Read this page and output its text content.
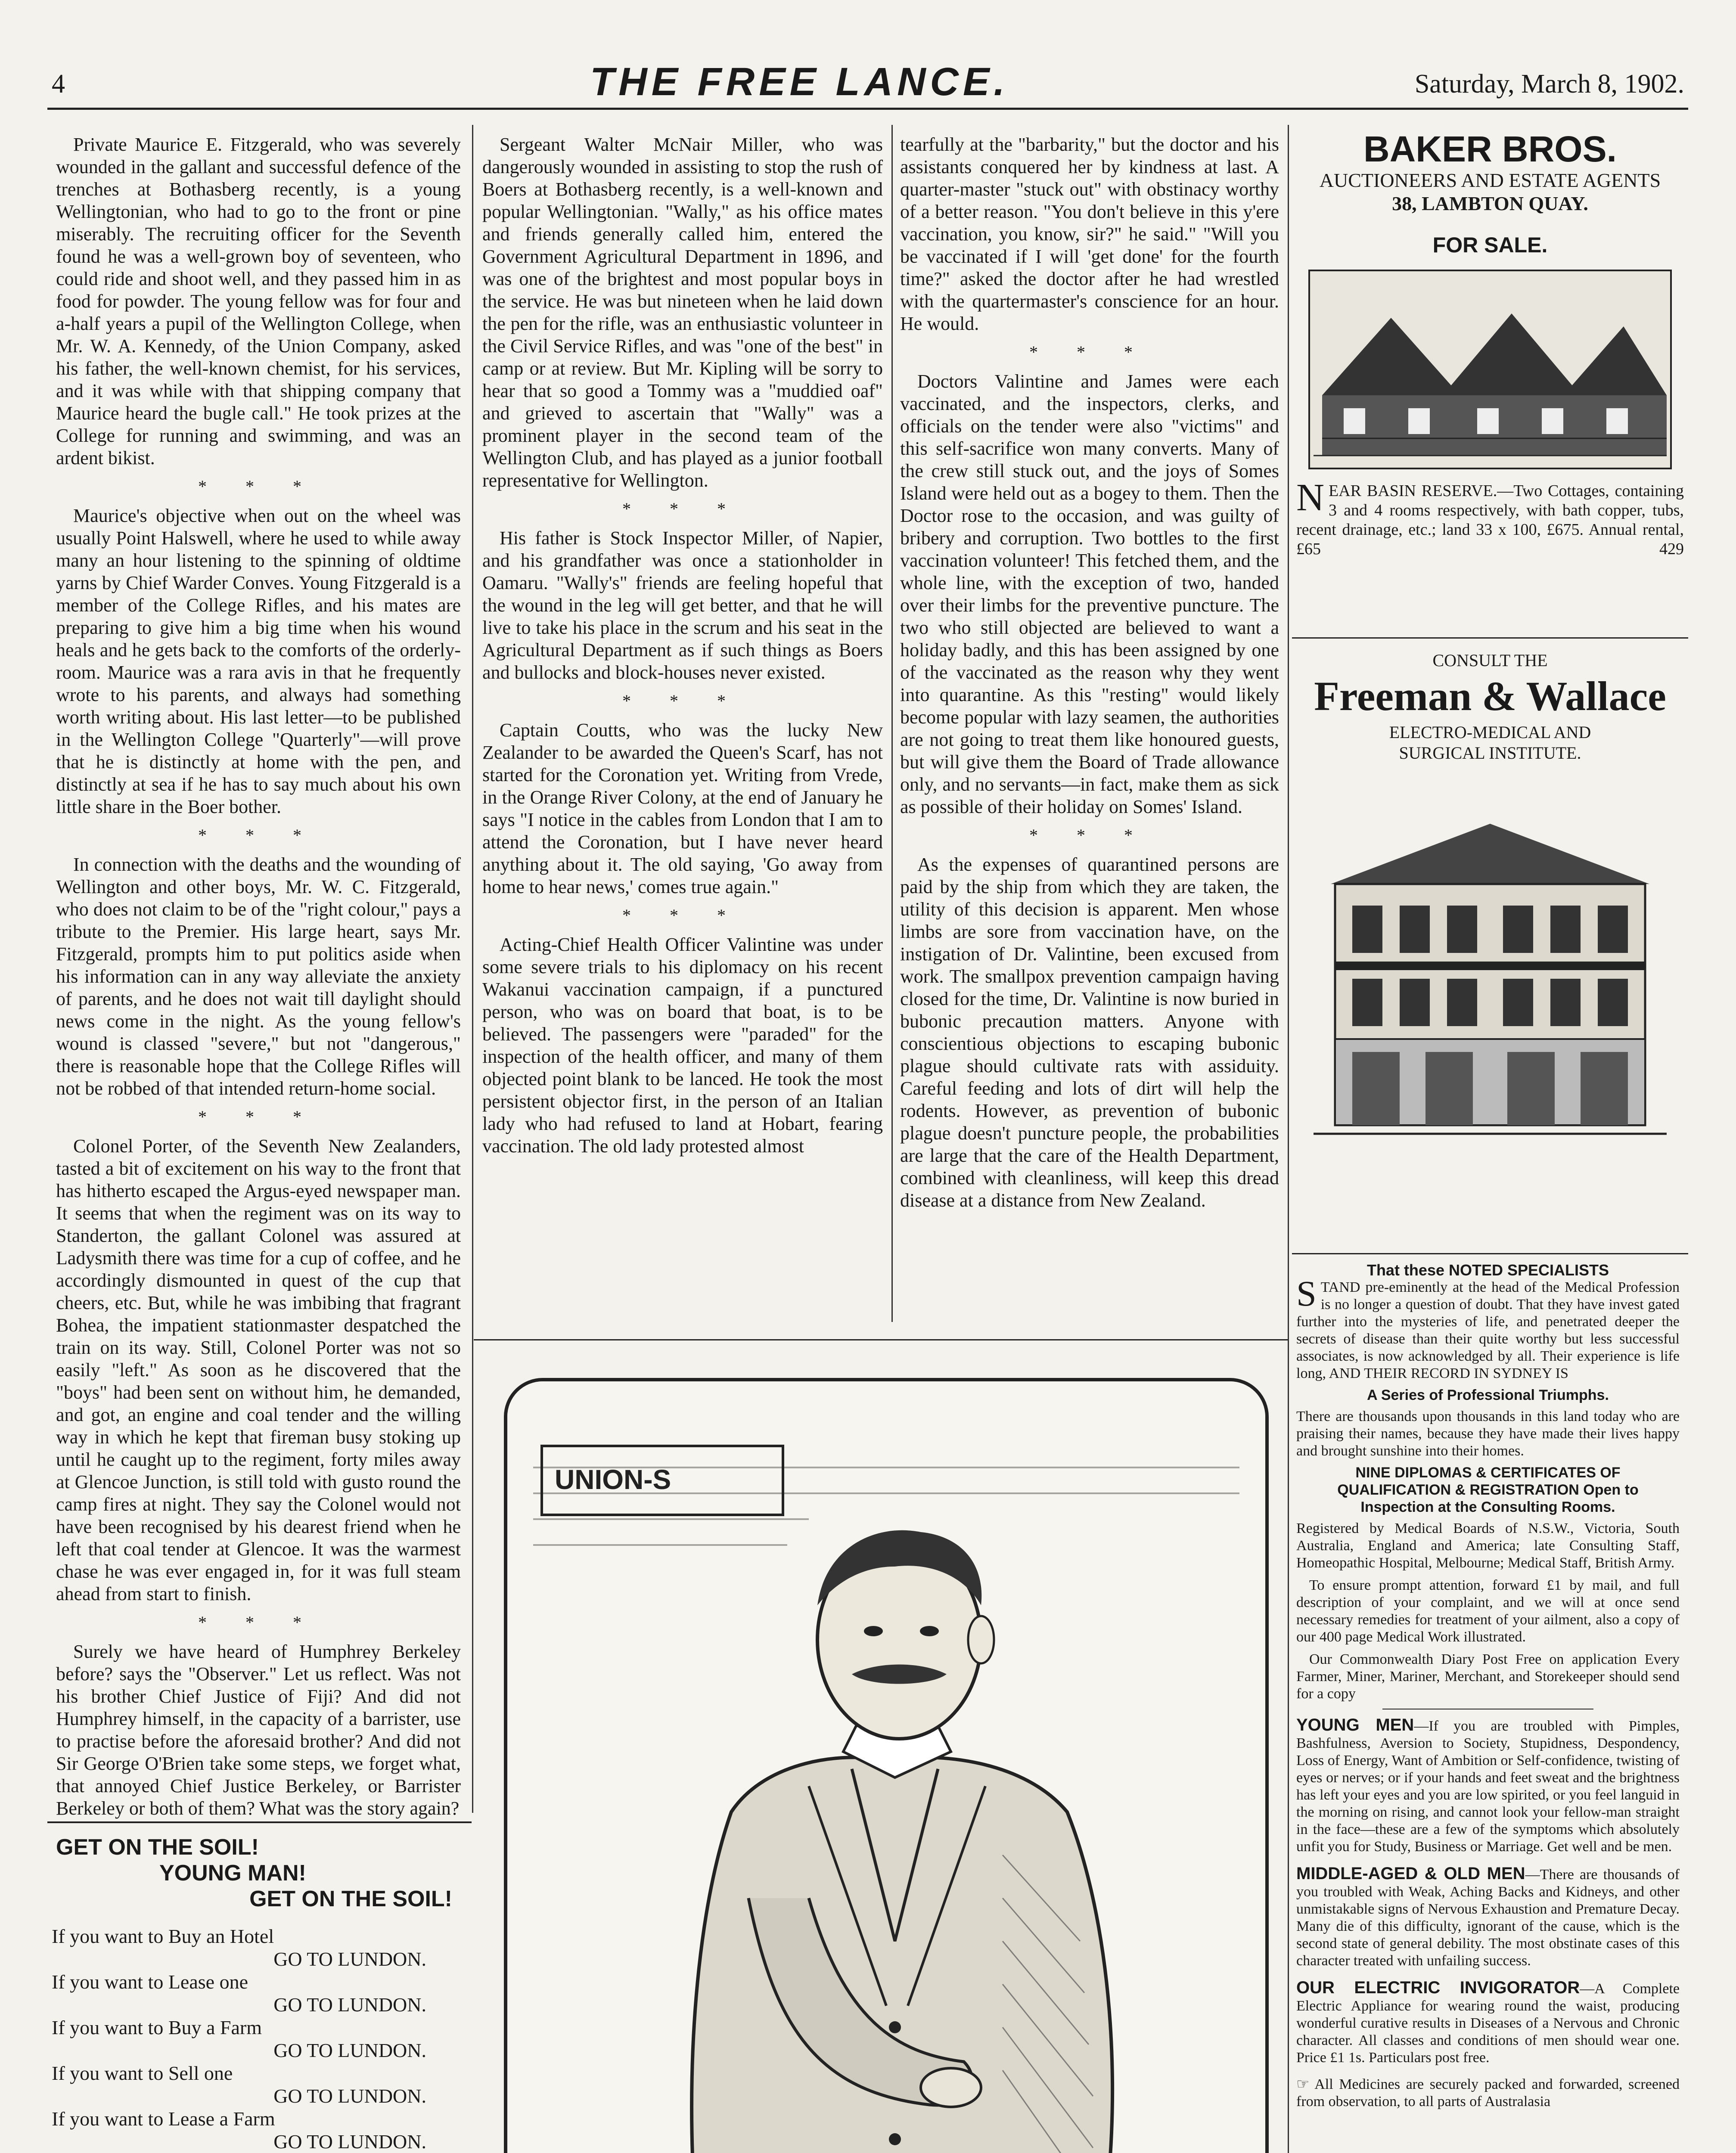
4	THE FREE LANCE.	Saturday, March 8, 1902.

Private Maurice E. Fitzgerald, who was severely wounded in the gallant and successful defence of the trenches at Bothasberg recently, is a young Wellingtonian, who had to go to the front or pine miserably. The recruiting officer for the Seventh found he was a well-grown boy of seventeen, who could ride and shoot well, and they passed him in as food for powder. The young fellow was for four and a-half years a pupil of the Wellington College, when Mr. W. A. Kennedy, of the Union Company, asked his father, the well-known chemist, for his services, and it was while with that shipping company that Maurice heard the bugle call." He took prizes at the College for running and swimming, and was an ardent bikist.

* * *

Maurice's objective when out on the wheel was usually Point Halswell, where he used to while away many an hour listening to the spinning of oldtime yarns by Chief Warder Conves. Young Fitzgerald is a member of the College Rifles, and his mates are preparing to give him a big time when his wound heals and he gets back to the comforts of the orderly-room. Maurice was a rara avis in that he frequently wrote to his parents, and always had something worth writing about. His last letter—to be published in the Wellington College "Quarterly"—will prove that he is distinctly at home with the pen, and distinctly at sea if he has to say much about his own little share in the Boer bother.

* * *

In connection with the deaths and the wounding of Wellington and other boys, Mr. W. C. Fitzgerald, who does not claim to be of the "right colour," pays a tribute to the Premier. His large heart, says Mr. Fitzgerald, prompts him to put politics aside when his information can in any way alleviate the anxiety of parents, and he does not wait till daylight should news come in the night. As the young fellow's wound is classed "severe," but not "dangerous," there is reasonable hope that the College Rifles will not be robbed of that intended return-home social.

* * *

Colonel Porter, of the Seventh New Zealanders, tasted a bit of excitement on his way to the front that has hitherto escaped the Argus-eyed newspaper man. It seems that when the regiment was on its way to Standerton, the gallant Colonel was assured at Ladysmith there was time for a cup of coffee, and he accordingly dismounted in quest of the cup that cheers, etc. But, while he was imbibing that fragrant Bohea, the impatient stationmaster despatched the train on its way. Still, Colonel Porter was not so easily "left." As soon as he discovered that the "boys" had been sent on without him, he demanded, and got, an engine and coal tender and the willing way in which he kept that fireman busy stoking up until he caught up to the regiment, forty miles away at Glencoe Junction, is still told with gusto round the camp fires at night. They say the Colonel would not have been recognised by his dearest friend when he left that coal tender at Glencoe. It was the warmest chase he was ever engaged in, for it was full steam ahead from start to finish.

* * *

Surely we have heard of Humphrey Berkeley before? says the "Observer." Let us reflect. Was not his brother Chief Justice of Fiji? And did not Humphrey himself, in the capacity of a barrister, use to practise before the aforesaid brother? And did not Sir George O'Brien take some steps, we forget what, that annoyed Chief Justice Berkeley, or Barrister Berkeley or both of them? What was the story again?

Sergeant Walter McNair Miller, who was dangerously wounded in assisting to stop the rush of Boers at Bothasberg recently, is a well-known and popular Wellingtonian. "Wally," as his office mates and friends generally called him, entered the Government Agricultural Department in 1896, and was one of the brightest and most popular boys in the service. He was but nineteen when he laid down the pen for the rifle, was an enthusiastic volunteer in the Civil Service Rifles, and was "one of the best" in camp or at review. But Mr. Kipling will be sorry to hear that so good a Tommy was a "muddied oaf" and grieved to ascertain that "Wally" was a prominent player in the second team of the Wellington Club, and has played as a junior football representative for Wellington.

* * *

His father is Stock Inspector Miller, of Napier, and his grandfather was once a stationholder in Oamaru. "Wally's" friends are feeling hopeful that the wound in the leg will get better, and that he will live to take his place in the scrum and his seat in the Agricultural Department as if such things as Boers and bullocks and block-houses never existed.

* * *

Captain Coutts, who was the lucky New Zealander to be awarded the Queen's Scarf, has not started for the Coronation yet. Writing from Vrede, in the Orange River Colony, at the end of January he says "I notice in the cables from London that I am to attend the Coronation, but I have never heard anything about it. The old saying, 'Go away from home to hear news,' comes true again."

* * *

Acting-Chief Health Officer Valintine was under some severe trials to his diplomacy on his recent Wakanui vaccination campaign, if a punctured person, who was on board that boat, is to be believed. The passengers were "paraded" for the inspection of the health officer, and many of them objected point blank to be lanced. He took the most persistent objector first, in the person of an Italian lady who had refused to land at Hobart, fearing vaccination. The old lady protested almost

tearfully at the "barbarity," but the doctor and his assistants conquered her by kindness at last. A quarter-master "stuck out" with obstinacy worthy of a better reason. "You don't believe in this y'ere vaccination, you know, sir?" he said." "Will you be vaccinated if I will 'get done' for the fourth time?" asked the doctor after he had wrestled with the quartermaster's conscience for an hour. He would.

* * *

Doctors Valintine and James were each vaccinated, and the inspectors, clerks, and officials on the tender were also "victims" and this self-sacrifice won many converts. Many of the crew still stuck out, and the joys of Somes Island were held out as a bogey to them. Then the Doctor rose to the occasion, and was guilty of bribery and corruption. Two bottles to the first vaccination volunteer! This fetched them, and the whole line, with the exception of two, handed over their limbs for the preventive puncture. The two who still objected are believed to want a holiday badly, and this has been assigned by one of the vaccinated as the reason why they went into quarantine. As this "resting" would likely become popular with lazy seamen, the authorities are not going to treat them like honoured guests, but will give them the Board of Trade allowance only, and no servants—in fact, make them as sick as possible of their holiday on Somes' Island.

* * *

As the expenses of quarantined persons are paid by the ship from which they are taken, the utility of this decision is apparent. Men whose limbs are sore from vaccination have, on the instigation of Dr. Valintine, been excused from work. The smallpox prevention campaign having closed for the time, Dr. Valintine is now buried in bubonic precaution matters. Anyone with conscientious objections to escaping bubonic plague should cultivate rats with assiduity. Careful feeding and lots of dirt will help the rodents. However, as prevention of bubonic plague doesn't puncture people, the probabilities are large that the care of the Health Department, combined with cleanliness, will keep this dread disease at a distance from New Zealand.

UNION-S
GET ON THE SOIL!
YOUNG MAN!
GET ON THE SOIL!
If you want to Buy an Hotel
GO TO LUNDON.
If you want to Lease one
GO TO LUNDON.
If you want to Buy a Farm
GO TO LUNDON.
If you want to Sell one
GO TO LUNDON.
If you want to Lease a Farm
GO TO LUNDON.
BAKER BROS.
AUCTIONEERS AND ESTATE AGENTS
38, LAMBTON QUAY.
FOR SALE.
N EAR BASIN RESERVE.—Two Cottages, containing 3 and 4 rooms respectively, with bath copper, tubs, recent drainage, etc.; land 33 x 100, £675. Annual rental, £65	429
CONSULT THE
Freeman & Wallace
ELECTRO-MEDICAL AND SURGICAL INSTITUTE.
That these NOTED SPECIALISTS
STAND pre-eminently at the head of the Medical Profession is no longer a question of doubt. That they have invest gated further into the mysteries of life, and penetrated deeper the secrets of disease than their quite worthy but less successful associates, is now acknowledged by all. Their experience is life long, AND THEIR RECORD IN SYDNEY IS
A Series of Professional Triumphs.
There are thousands upon thousands in this land today who are praising their names, because they have made their lives happy and brought sunshine into their homes.
NINE DIPLOMAS & CERTIFICATES OF QUALIFICATION & REGISTRATION Open to Inspection at the Consulting Rooms.
Registered by Medical Boards of N.S.W., Victoria, South Australia, England and America; late Consulting Staff, Homeopathic Hospital, Melbourne; Medical Staff, British Army.
To ensure prompt attention, forward £1 by mail, and full description of your complaint, and we will at once send necessary remedies for treatment of your ailment, also a copy of our 400 page Medical Work illustrated.
Our Commonwealth Diary Post Free on application Every Farmer, Miner, Mariner, Merchant, and Storekeeper should send for a copy
YOUNG MEN—If you are troubled with Pimples, Bashfulness, Aversion to Society, Stupidness, Despondency, Loss of Energy, Want of Ambition or Self-confidence, twisting of eyes or nerves; or if your hands and feet sweat and the brightness has left your eyes and you are low spirited, or you feel languid in the morning on rising, and cannot look your fellow-man straight in the face—these are a few of the symptoms which absolutely unfit you for Study, Business or Marriage. Get well and be men.
MIDDLE-AGED & OLD MEN—There are thousands of you troubled with Weak, Aching Backs and Kidneys, and other unmistakable signs of Nervous Exhaustion and Premature Decay. Many die of this difficulty, ignorant of the cause, which is the second state of general debility. The most obstinate cases of this character treated with unfailing success.
OUR ELECTRIC INVIGORATOR—A Complete Electric Appliance for wearing round the waist, producing wonderful curative results in Diseases of a Nervous and Chronic character. All classes and conditions of men should wear one. Price £1 1s. Particulars post free.
☞ All Medicines are securely packed and forwarded, screened from observation, to all parts of Australasia
